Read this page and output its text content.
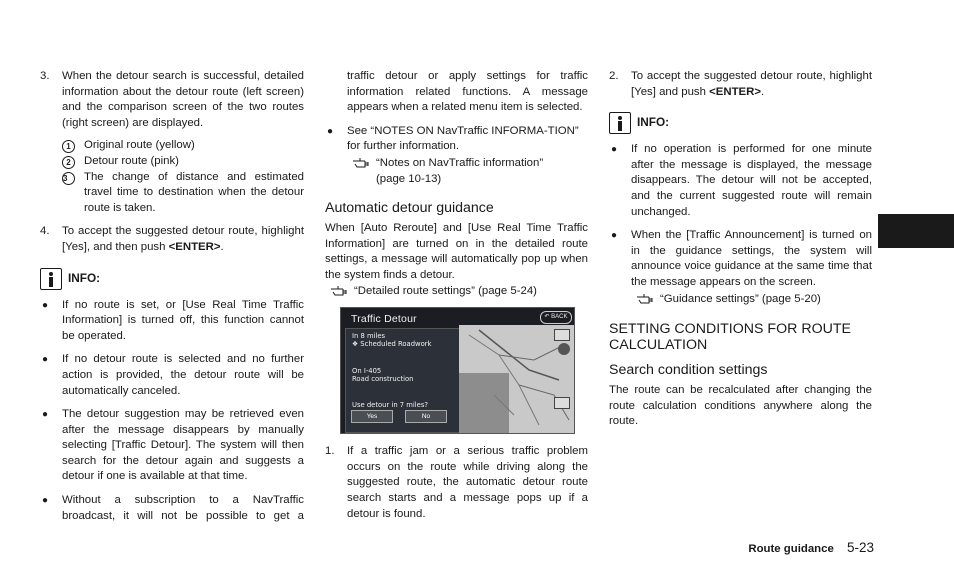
3. When the detour search is successful, detailed information about the detour route (left screen) and the comparison screen of the two routes (right screen) are displayed.
1	Original route (yellow)
2	Detour route (pink)
3	The change of distance and estimated travel time to destination when the detour route is taken.
4. To accept the suggested detour route, highlight [Yes], and then push <ENTER>.
INFO:
● If no route is set, or [Use Real Time Traffic Information] is turned off, this function cannot be operated.
● If no detour route is selected and no further action is provided, the detour route will be automatically canceled.
● The detour suggestion may be retrieved even after the message disappears by manually selecting [Traffic Detour]. The system will then search for the detour again and suggests a detour if one is available at that time.
● Without a subscription to a NavTraffic broadcast, it will not be possible to get a
traffic detour or apply settings for traffic information related functions. A message appears when a related menu item is selected.
● See “NOTES ON NavTraffic INFORMA-TION” for further information.
“Notes on NavTraffic information”
(page 10-13)
Automatic detour guidance
When [Auto Reroute] and [Use Real Time Traffic Information] are turned on in the detailed route settings, a message will automatically pop up when the system finds a detour.
“Detailed route settings” (page 5-24)
Traffic Detour	↶ BACK
In 8 miles
❖ Scheduled Roadwork
On I-405
Road construction
Use detour in 7 miles?
Yes	No
1. If a traffic jam or a serious traffic problem occurs on the route while driving along the suggested route, the automatic detour route search starts and a message pops up if a detour is found.
2. To accept the suggested detour route, highlight [Yes] and push <ENTER>.
INFO:
● If no operation is performed for one minute after the message is displayed, the message disappears. The detour will not be accepted, and the current suggested route will remain unchanged.
● When the [Traffic Announcement] is turned on in the guidance settings, the system will announce voice guidance at the same time that the message appears on the screen.
“Guidance settings” (page 5-20)
SETTING CONDITIONS FOR ROUTE CALCULATION
Search condition settings
The route can be recalculated after changing the route calculation conditions anywhere along the route.
Route guidance 5-23
